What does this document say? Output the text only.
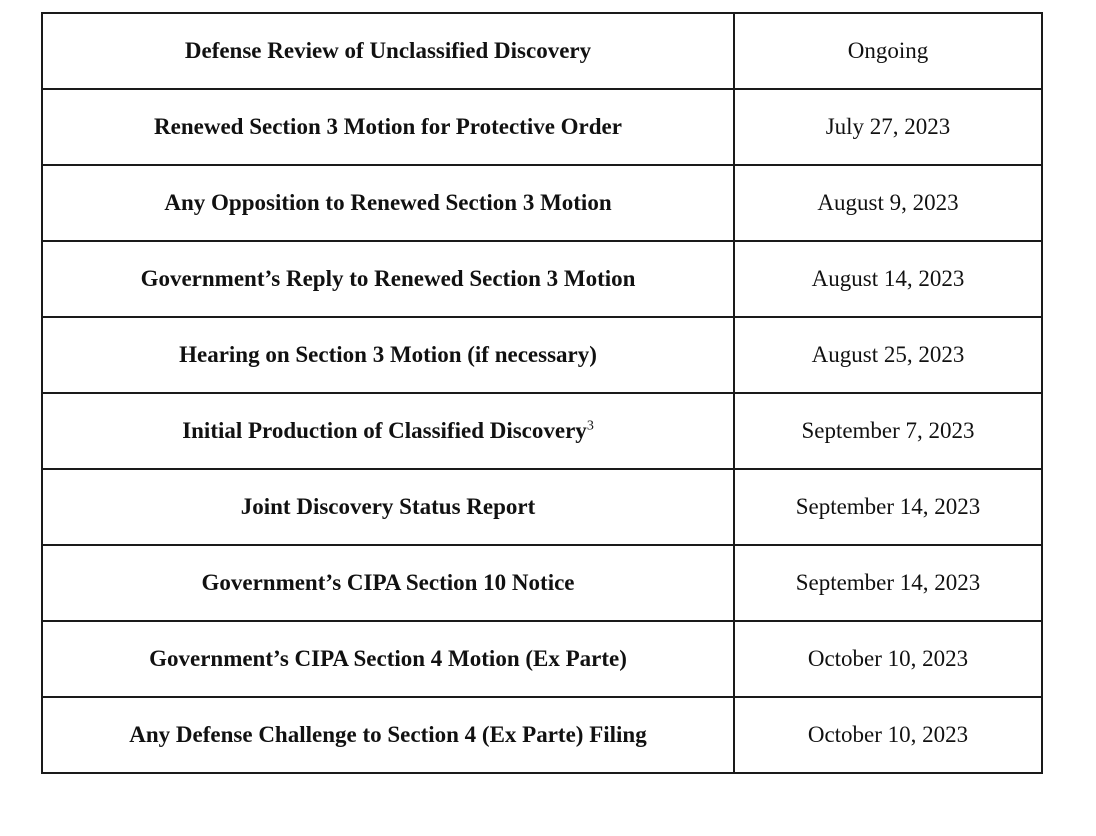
Defense Review of Unclassified Discovery	Ongoing
Renewed Section 3 Motion for Protective Order	July 27, 2023
Any Opposition to Renewed Section 3 Motion	August 9, 2023
Government’s Reply to Renewed Section 3 Motion	August 14, 2023
Hearing on Section 3 Motion (if necessary)	August 25, 2023
Initial Production of Classified Discovery$^3$	September 7, 2023
Joint Discovery Status Report	September 14, 2023
Government’s CIPA Section 10 Notice	September 14, 2023
Government’s CIPA Section 4 Motion (Ex Parte)	October 10, 2023
Any Defense Challenge to Section 4 (Ex Parte) Filing	October 10, 2023
